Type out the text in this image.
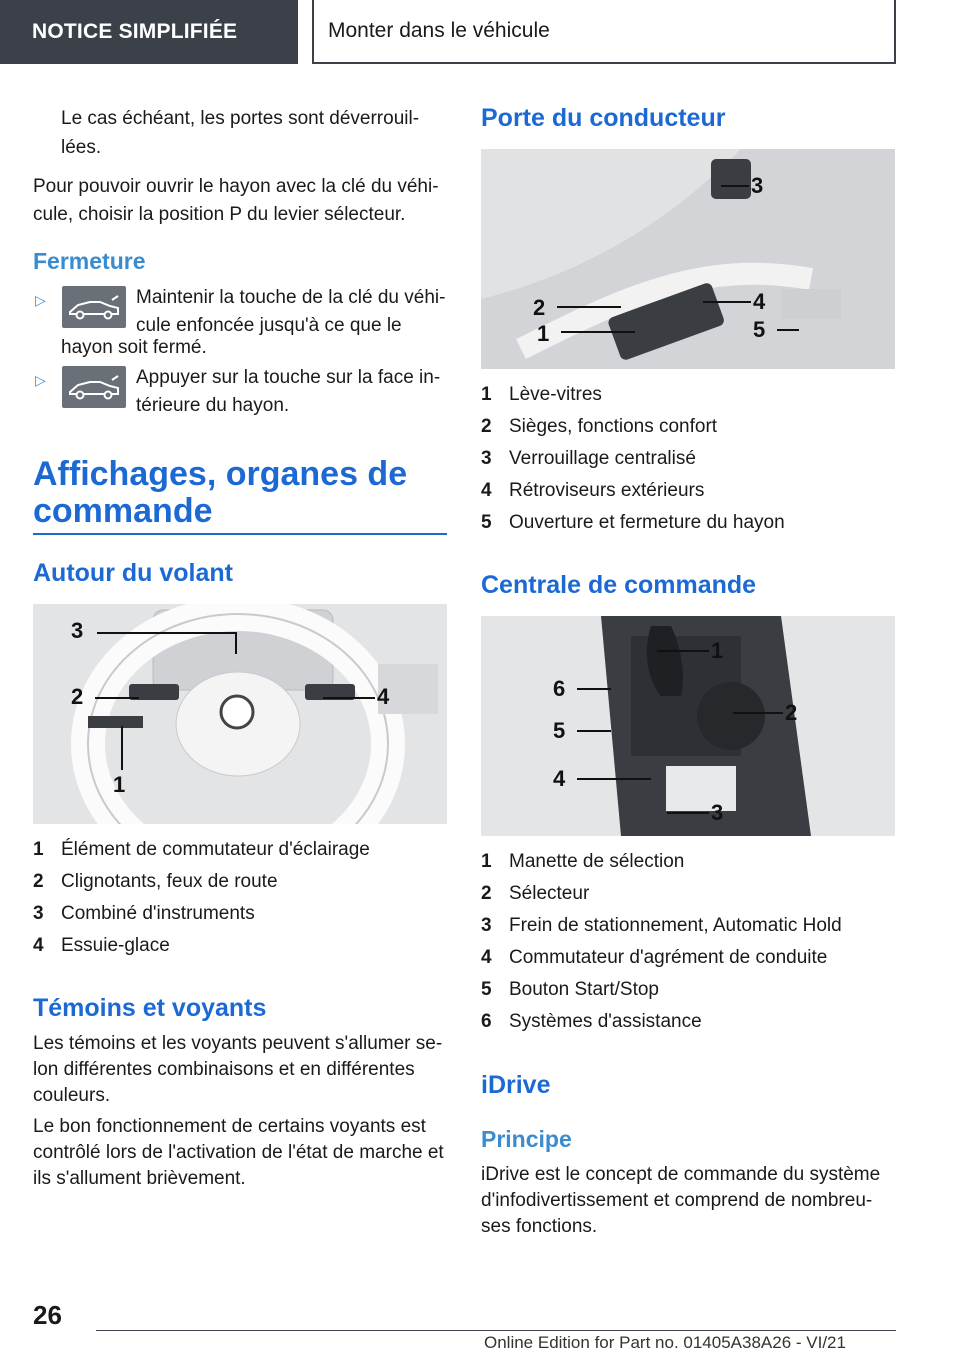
NOTICE SIMPLIFIÉE	Monter dans le véhicule

Le cas échéant, les portes sont déverrouil-

lées.

Pour pouvoir ouvrir le hayon avec la clé du véhi-

cule, choisir la position P du levier sélecteur.

Fermeture
▷	Maintenir la touche de la clé du véhi-

cule enfoncée jusqu'à ce que le

hayon soit fermé.

▷	Appuyer sur la touche sur la face in-

térieure du hayon.

Affichages, organes de
commande
Autour du volant
3
2	4
1
1 Élément de commutateur d'éclairage
2 Clignotants, feux de route
3 Combiné d'instruments
4 Essuie-glace
Témoins et voyants

Les témoins et les voyants peuvent s'allumer se-

lon différentes combinaisons et en différentes

couleurs.

Le bon fonctionnement de certains voyants est

contrôlé lors de l'activation de l'état de marche et

ils s'allument brièvement.

Porte du conducteur
3
2	4
1	5
1 Lève-vitres
2 Sièges, fonctions confort
3 Verrouillage centralisé
4 Rétroviseurs extérieurs
5 Ouverture et fermeture du hayon
Centrale de commande
1
6
2
5
4
3
1 Manette de sélection
2 Sélecteur
3 Frein de stationnement, Automatic Hold
4 Commutateur d'agrément de conduite
5 Bouton Start/Stop
6 Systèmes d'assistance
iDrive
Principe

iDrive est le concept de commande du système

d'infodivertissement et comprend de nombreu-

ses fonctions.

26
Online Edition for Part no. 01405A38A26 - VI/21
